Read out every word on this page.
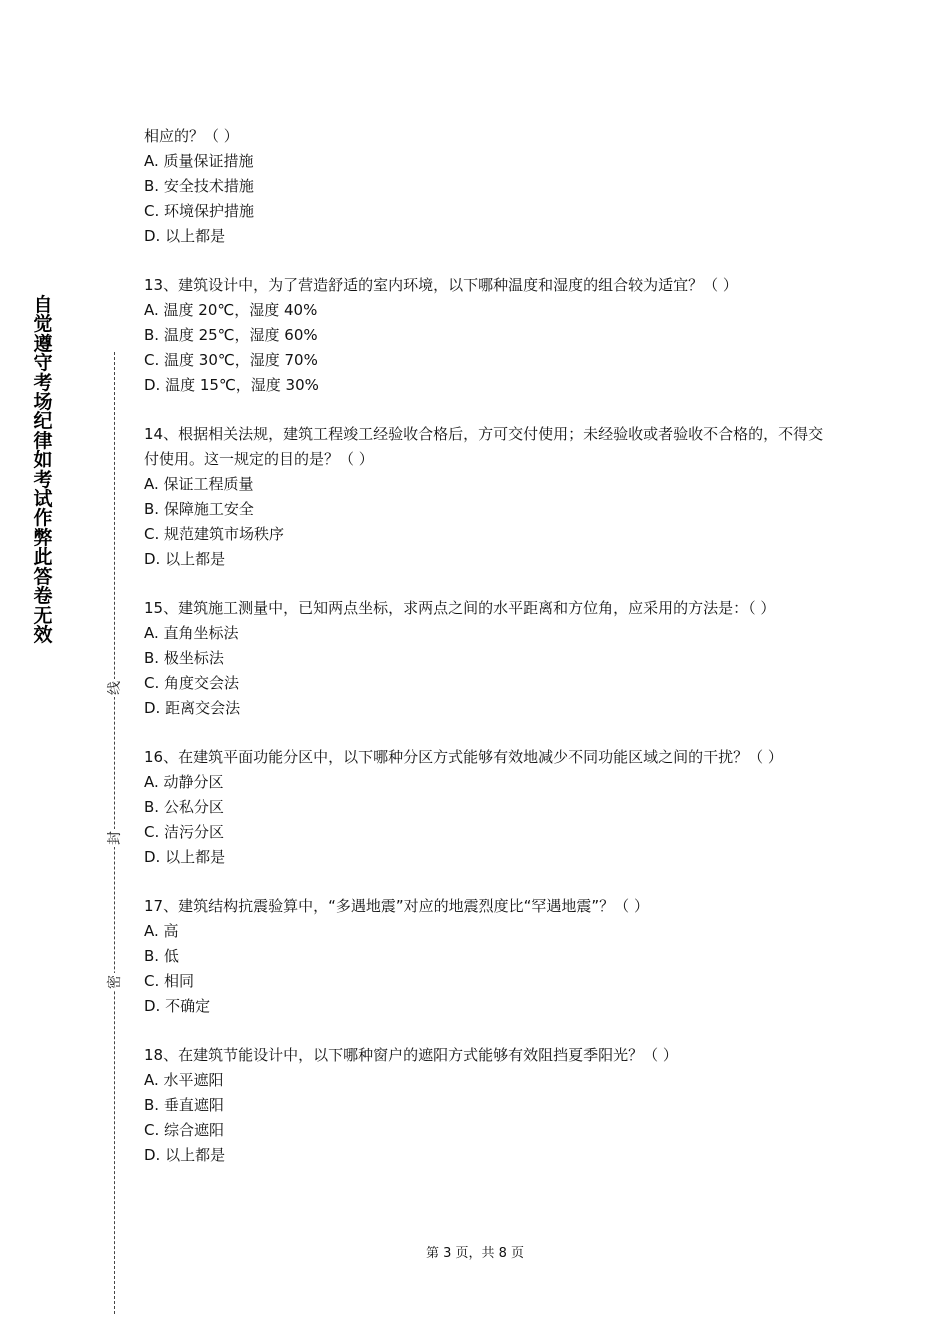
自觉遵守考场纪律如考试作弊此答卷无效
线
封
密
相应的？（ ）
A. 质量保证措施
B. 安全技术措施
C. 环境保护措施
D. 以上都是
13、建筑设计中，为了营造舒适的室内环境，以下哪种温度和湿度的组合较为适宜？（ ）
A. 温度 20℃，湿度 40%
B. 温度 25℃，湿度 60%
C. 温度 30℃，湿度 70%
D. 温度 15℃，湿度 30%
14、根据相关法规，建筑工程竣工经验收合格后，方可交付使用；未经验收或者验收不合格的，不得交付使用。这一规定的目的是？（ ）
A. 保证工程质量
B. 保障施工安全
C. 规范建筑市场秩序
D. 以上都是
15、建筑施工测量中，已知两点坐标，求两点之间的水平距离和方位角，应采用的方法是：（ ）
A. 直角坐标法
B. 极坐标法
C. 角度交会法
D. 距离交会法
16、在建筑平面功能分区中，以下哪种分区方式能够有效地减少不同功能区域之间的干扰？（ ）
A. 动静分区
B. 公私分区
C. 洁污分区
D. 以上都是
17、建筑结构抗震验算中，“多遇地震”对应的地震烈度比“罕遇地震”？（ ）
A. 高
B. 低
C. 相同
D. 不确定
18、在建筑节能设计中，以下哪种窗户的遮阳方式能够有效阻挡夏季阳光？（ ）
A. 水平遮阳
B. 垂直遮阳
C. 综合遮阳
D. 以上都是
第 3 页，共 8 页
